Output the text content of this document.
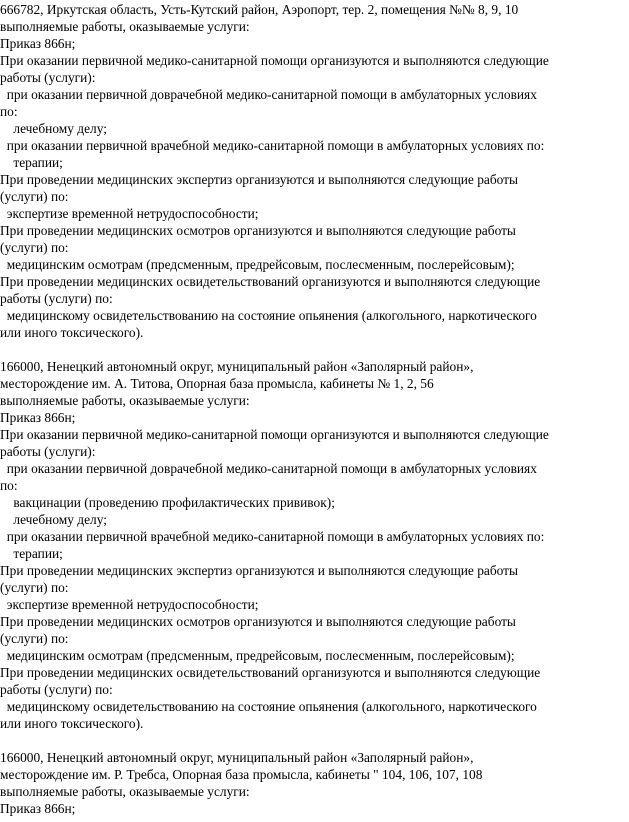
666782, Иркутская область, Усть-Кутский район, Аэропорт, тер. 2, помещения №№ 8, 9, 10
выполняемые работы, оказываемые услуги:
Приказ 866н;
При оказании первичной медико-санитарной помощи организуются и выполняются следующие
работы (услуги):
при оказании первичной доврачебной медико-санитарной помощи в амбулаторных условиях
по:
лечебному делу;
при оказании первичной врачебной медико-санитарной помощи в амбулаторных условиях по:
терапии;
При проведении медицинских экспертиз организуются и выполняются следующие работы
(услуги) по:
экспертизе временной нетрудоспособности;
При проведении медицинских осмотров организуются и выполняются следующие работы
(услуги) по:
медицинским осмотрам (предсменным, предрейсовым, послесменным, послерейсовым);
При проведении медицинских освидетельствований организуются и выполняются следующие
работы (услуги) по:
медицинскому освидетельствованию на состояние опьянения (алкогольного, наркотического
или иного токсического).
166000, Ненецкий автономный округ, муниципальный район «Заполярный район»,
месторождение им. А. Титова, Опорная база промысла, кабинеты № 1, 2, 56
выполняемые работы, оказываемые услуги:
Приказ 866н;
При оказании первичной медико-санитарной помощи организуются и выполняются следующие
работы (услуги):
при оказании первичной доврачебной медико-санитарной помощи в амбулаторных условиях
по:
вакцинации (проведению профилактических прививок);
лечебному делу;
при оказании первичной врачебной медико-санитарной помощи в амбулаторных условиях по:
терапии;
При проведении медицинских экспертиз организуются и выполняются следующие работы
(услуги) по:
экспертизе временной нетрудоспособности;
При проведении медицинских осмотров организуются и выполняются следующие работы
(услуги) по:
медицинским осмотрам (предсменным, предрейсовым, послесменным, послерейсовым);
При проведении медицинских освидетельствований организуются и выполняются следующие
работы (услуги) по:
медицинскому освидетельствованию на состояние опьянения (алкогольного, наркотического
или иного токсического).
166000, Ненецкий автономный округ, муниципальный район «Заполярный район»,
месторождение им. Р. Требса, Опорная база промысла, кабинеты " 104, 106, 107, 108
выполняемые работы, оказываемые услуги:
Приказ 866н;
